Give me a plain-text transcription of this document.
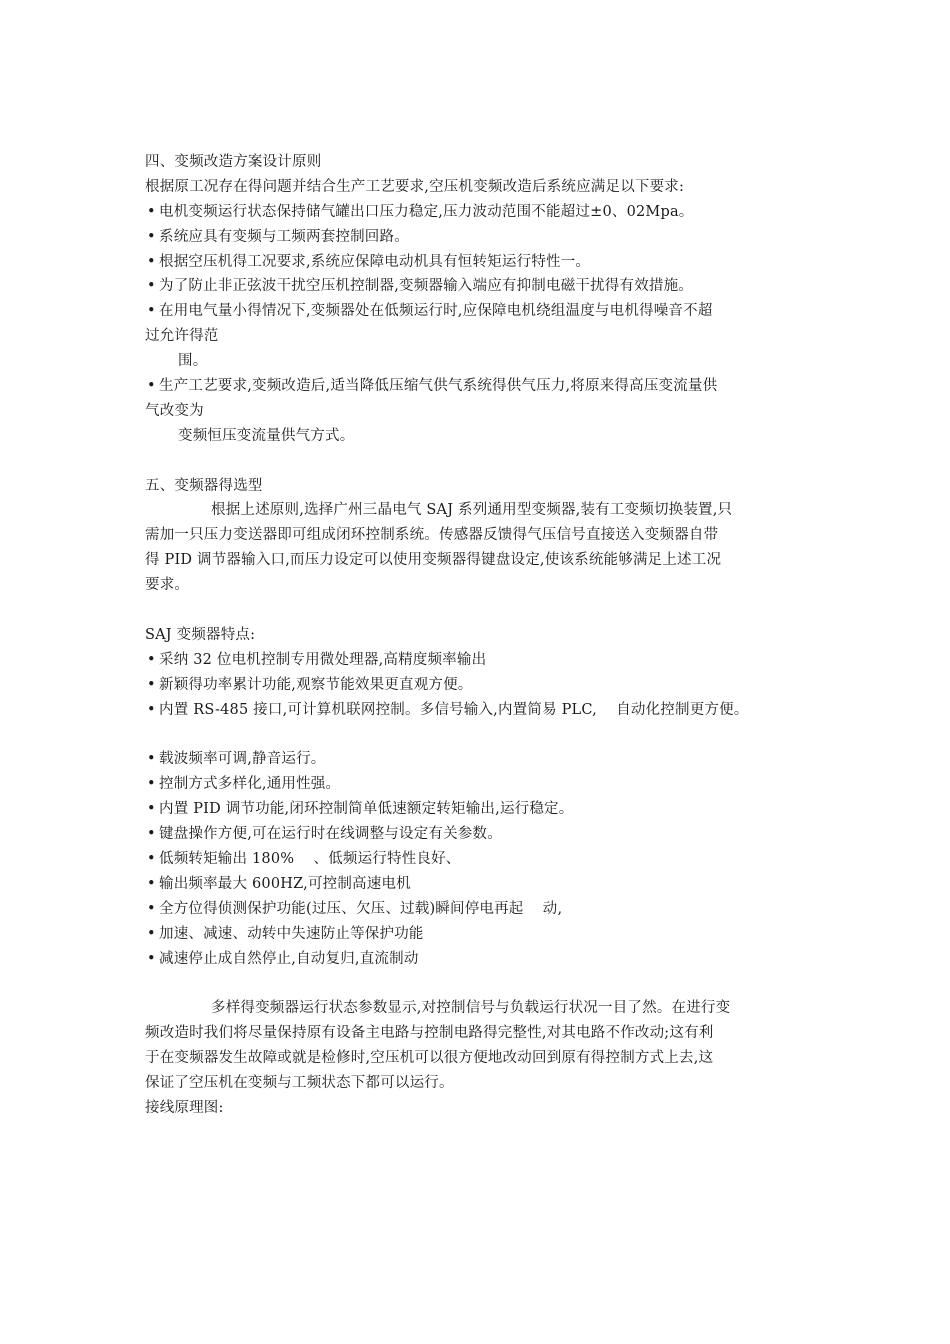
四、变频改造方案设计原则
根据原工况存在得问题并结合生产工艺要求,空压机变频改造后系统应满足以下要求:
• 电机变频运行状态保持储气罐出口压力稳定,压力波动范围不能超过±0、02Mpa。
• 系统应具有变频与工频两套控制回路。
• 根据空压机得工况要求,系统应保障电动机具有恒转矩运行特性一。
• 为了防止非正弦波干扰空压机控制器,变频器输入端应有抑制电磁干扰得有效措施。
• 在用电气量小得情况下,变频器处在低频运行时,应保障电机绕组温度与电机得噪音不超
过允许得范
围。
• 生产工艺要求,变频改造后,适当降低压缩气供气系统得供气压力,将原来得高压变流量供
气改变为
变频恒压变流量供气方式。
五、变频器得选型
根据上述原则,选择广州三晶电气 SAJ 系列通用型变频器,装有工变频切换装置,只
需加一只压力变送器即可组成闭环控制系统。传感器反馈得气压信号直接送入变频器自带
得 PID 调节器输入口,而压力设定可以使用变频器得键盘设定,使该系统能够满足上述工况
要求。
SAJ 变频器特点:
• 采纳 32 位电机控制专用微处理器,高精度频率输出
• 新颖得功率累计功能,观察节能效果更直观方便。
• 内置 RS-485 接口,可计算机联网控制。多信号输入,内置简易 PLC,    自动化控制更方便。
• 载波频率可调,静音运行。
• 控制方式多样化,通用性强。
• 内置 PID 调节功能,闭环控制简单低速额定转矩输出,运行稳定。
• 键盘操作方便,可在运行时在线调整与设定有关参数。
• 低频转矩输出 180%    、低频运行特性良好、
• 输出频率最大 600HZ,可控制高速电机
• 全方位得侦测保护功能(过压、欠压、过载)瞬间停电再起    动,
• 加速、减速、动转中失速防止等保护功能
• 减速停止成自然停止,自动复归,直流制动
多样得变频器运行状态参数显示,对控制信号与负载运行状况一目了然。在进行变
频改造时我们将尽量保持原有设备主电路与控制电路得完整性,对其电路不作改动;这有利
于在变频器发生故障或就是检修时,空压机可以很方便地改动回到原有得控制方式上去,这
保证了空压机在变频与工频状态下都可以运行。
接线原理图:
